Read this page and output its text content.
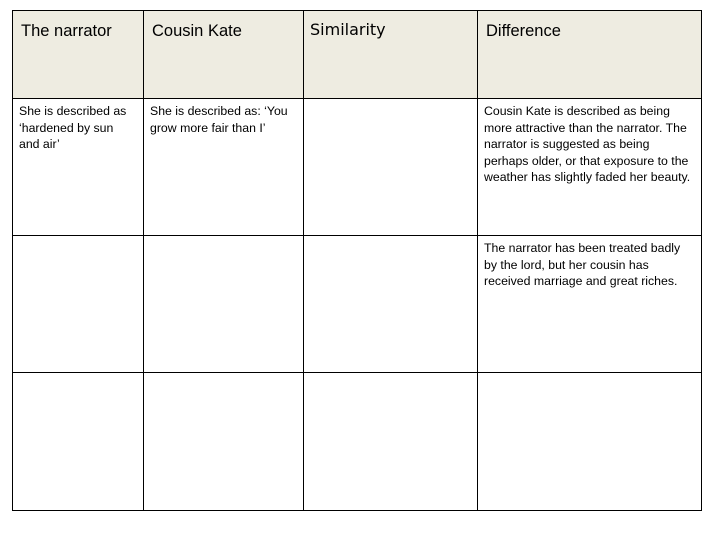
The narrator	Cousin Kate	Similarity	Difference

She is described as ‘hardened by sun and air’	She is described as: ‘You grow more fair than I’		Cousin Kate is described as being more attractive than the narrator. The narrator is suggested as being perhaps older, or that exposure to the weather has slightly faded her beauty.

			The narrator has been treated badly by the lord, but her cousin has received marriage and great riches.
